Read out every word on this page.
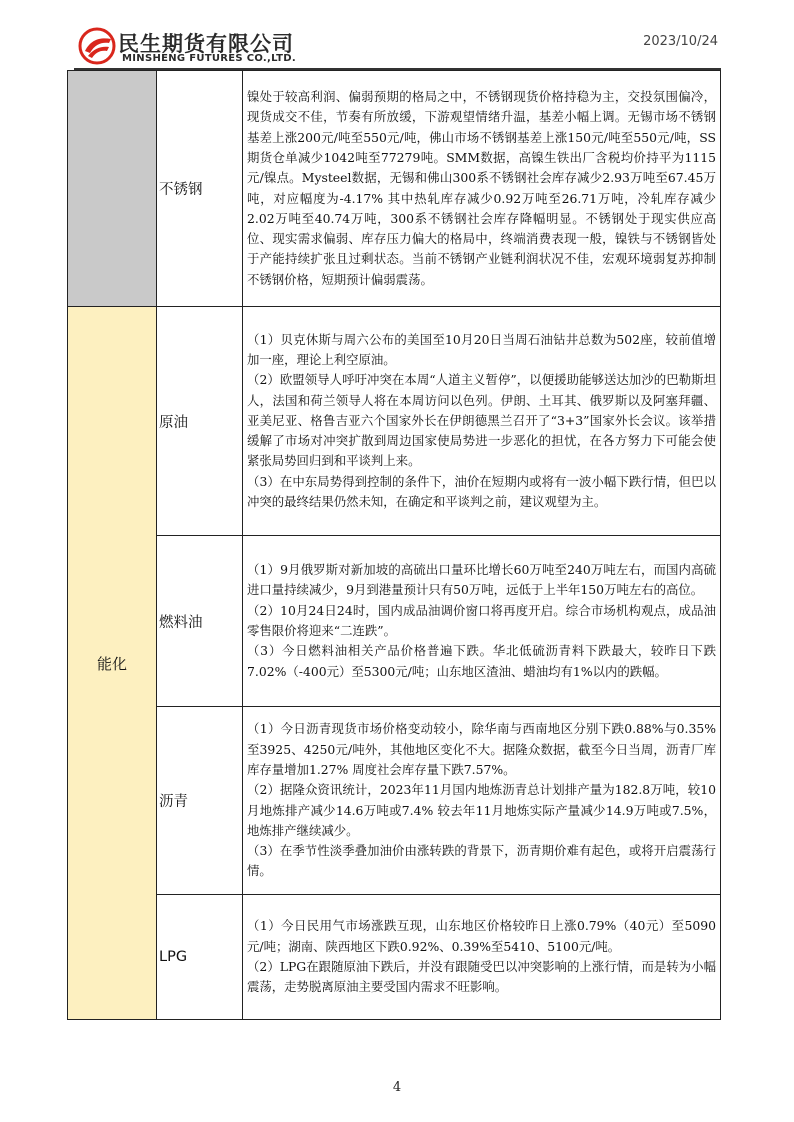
民生期货有限公司
MINSHENG FUTURES CO.,LTD.
2023/10/24
	不锈钢	镍处于较高利润、偏弱预期的格局之中，不锈钢现货价格持稳为主，交投氛围偏冷，现货成交不佳，节奏有所放缓，下游观望情绪升温，基差小幅上调。无锡市场不锈钢基差上涨200元/吨至550元/吨，佛山市场不锈钢基差上涨150元/吨至550元/吨，SS期货仓单减少1042吨至77279吨。SMM数据，高镍生铁出厂含税均价持平为1115元/镍点。Mysteel数据，无锡和佛山300系不锈钢社会库存减少2.93万吨至67.45万吨，对应幅度为-4.17% 其中热轧库存减少0.92万吨至26.71万吨，冷轧库存减少2.02万吨至40.74万吨，300系不锈钢社会库存降幅明显。不锈钢处于现实供应高位、现实需求偏弱、库存压力偏大的格局中，终端消费表现一般，镍铁与不锈钢皆处于产能持续扩张且过剩状态。当前不锈钢产业链利润状况不佳，宏观环境弱复苏抑制不锈钢价格，短期预计偏弱震荡。

能化	原油	（1）贝克休斯与周六公布的美国至10月20日当周石油钻井总数为502座，较前值增加一座，理论上利空原油。

（2）欧盟领导人呼吁冲突在本周“人道主义暂停”，以便援助能够送达加沙的巴勒斯坦人，法国和荷兰领导人将在本周访问以色列。伊朗、土耳其、俄罗斯以及阿塞拜疆、亚美尼亚、格鲁吉亚六个国家外长在伊朗德黑兰召开了“3+3”国家外长会议。该举措缓解了市场对冲突扩散到周边国家使局势进一步恶化的担忧，在各方努力下可能会使紧张局势回归到和平谈判上来。

（3）在中东局势得到控制的条件下，油价在短期内或将有一波小幅下跌行情，但巴以冲突的最终结果仍然未知，在确定和平谈判之前，建议观望为主。

	燃料油	（1）9月俄罗斯对新加坡的高硫出口量环比增长60万吨至240万吨左右，而国内高硫进口量持续减少，9月到港量预计只有50万吨，远低于上半年150万吨左右的高位。

（2）10月24日24时，国内成品油调价窗口将再度开启。综合市场机构观点，成品油零售限价将迎来“二连跌”。

（3）今日燃料油相关产品价格普遍下跌。华北低硫沥青料下跌最大，较昨日下跌7.02%（-400元）至5300元/吨；山东地区渣油、蜡油均有1%以内的跌幅。

	沥青	（1）今日沥青现货市场价格变动较小，除华南与西南地区分别下跌0.88%与0.35%至3925、4250元/吨外，其他地区变化不大。据隆众数据，截至今日当周，沥青厂库库存量增加1.27% 周度社会库存量下跌7.57%。

（2）据隆众资讯统计，2023年11月国内地炼沥青总计划排产量为182.8万吨，较10月地炼排产减少14.6万吨或7.4% 较去年11月地炼实际产量减少14.9万吨或7.5%，地炼排产继续减少。

（3）在季节性淡季叠加油价由涨转跌的背景下，沥青期价难有起色，或将开启震荡行情。

	LPG	（1）今日民用气市场涨跌互现，山东地区价格较昨日上涨0.79%（40元）至5090元/吨；湖南、陕西地区下跌0.92%、0.39%至5410、5100元/吨。

（2）LPG在跟随原油下跌后，并没有跟随受巴以冲突影响的上涨行情，而是转为小幅震荡，走势脱离原油主要受国内需求不旺影响。

4
